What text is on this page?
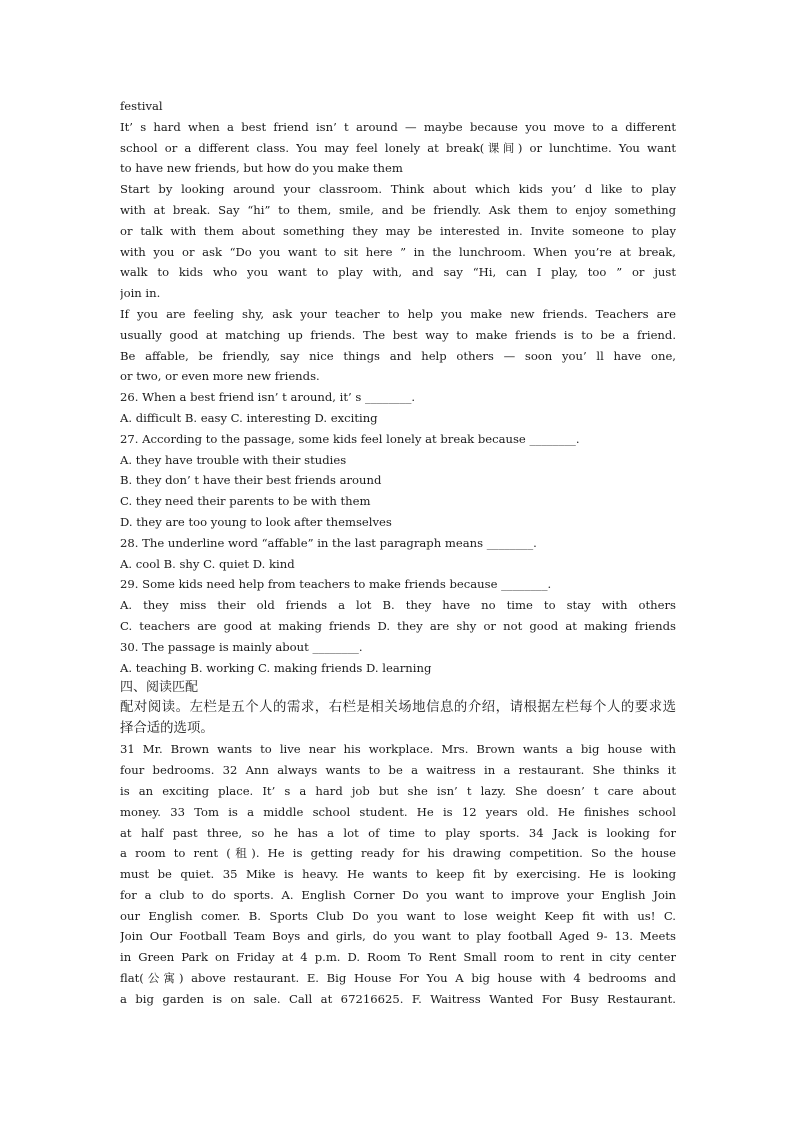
festival
It’ s hard when a best friend isn’ t around — maybe because you move to a different
school or a different class. You may feel lonely at break(课间) or lunchtime. You want
to have new friends, but how do you make them
Start by looking around your classroom. Think about which kids you’ d like to play
with at break. Say “hi” to them, smile, and be friendly. Ask them to enjoy something
or talk with them about something they may be interested in. Invite someone to play
with you or ask “Do you want to sit here ” in the lunchroom. When you’re at break,
walk to kids who you want to play with, and say “Hi, can I play, too ” or just
join in.
If you are feeling shy, ask your teacher to help you make new friends. Teachers are
usually good at matching up friends. The best way to make friends is to be a friend.
Be affable, be friendly, say nice things and help others — soon you’ ll have one,
or two, or even more new friends.
26. When a best friend isn’ t around, it’ s ________.
A. difficult B. easy C. interesting D. exciting
27. According to the passage, some kids feel lonely at break because ________.
A. they have trouble with their studies
B. they don’ t have their best friends around
C. they need their parents to be with them
D. they are too young to look after themselves
28. The underline word “affable” in the last paragraph means ________.
A. cool B. shy C. quiet D. kind
29. Some kids need help from teachers to make friends because ________.
A. they miss their old friends a lot B. they have no time to stay with others
C. teachers are good at making friends D. they are shy or not good at making friends
30. The passage is mainly about ________.
A. teaching B. working C. making friends D. learning
四、阅读匹配
配对阅读。左栏是五个人的需求，右栏是相关场地信息的介绍，请根据左栏每个人的要求选
择合适的选项。
31 Mr. Brown wants to live near his workplace. Mrs. Brown wants a big house with
four bedrooms. 32 Ann always wants to be a waitress in a restaurant. She thinks it
is an exciting place. It’ s a hard job but she isn’ t lazy. She doesn’ t care about
money. 33 Tom is a middle school student. He is 12 years old. He finishes school
at half past three, so he has a lot of time to play sports. 34 Jack is looking for
a room to rent (租). He is getting ready for his drawing competition. So the house
must be quiet. 35 Mike is heavy. He wants to keep fit by exercising. He is looking
for a club to do sports. A. English Corner Do you want to improve your English Join
our English comer. B. Sports Club Do you want to lose weight Keep fit with us! C.
Join Our Football Team Boys and girls, do you want to play football Aged 9- 13. Meets
in Green Park on Friday at 4 p.m. D. Room To Rent Small room to rent in city center
flat(公寓) above restaurant. E. Big House For You A big house with 4 bedrooms and
a big garden is on sale. Call at 67216625. F. Waitress Wanted For Busy Restaurant.
